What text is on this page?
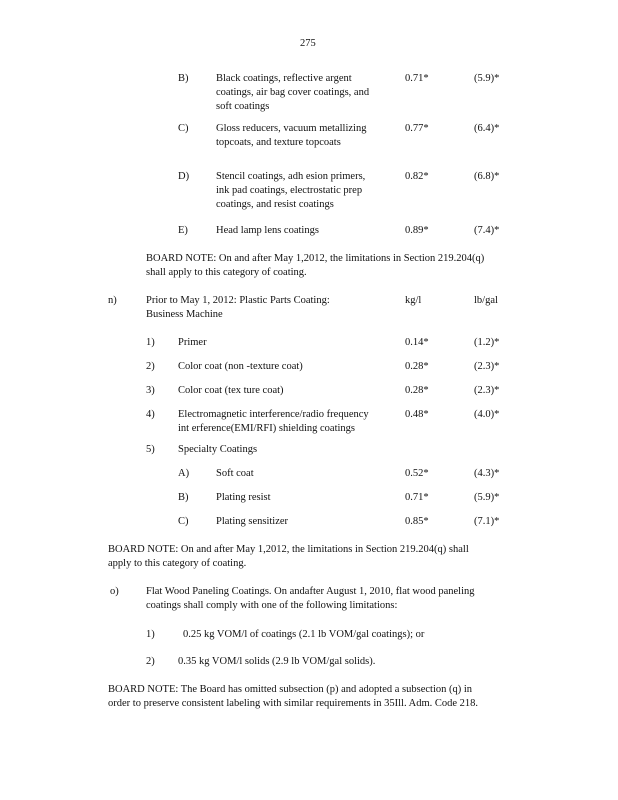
275
B)	Black coatings, reflective argent
coatings, air bag cover coatings, and
soft coatings
0.71*	(5.9)*
C)	Gloss reducers, vacuum metallizing
topcoats, and texture topcoats
0.77*	(6.4)*
D)	Stencil coatings, adh esion primers,
ink pad coatings, electrostatic prep
coatings, and resist coatings
0.82*	(6.8)*
E)	Head lamp lens coatings	0.89*	(7.4)*
BOARD NOTE: On and after May 1,2012, the limitations in Section 219.204(q)
shall apply to this category of coating.
n)	Prior to May 1, 2012: Plastic Parts Coating:
Business Machine
kg/l	lb/gal
1) Primer	0.14*	(1.2)*
2) Color coat (non -texture coat)	0.28*	(2.3)*
3) Color coat (tex ture coat)	0.28*	(2.3)*
4) Electromagnetic interference/radio frequency
int erference(EMI/RFI) shielding coatings
0.48*	(4.0)*
5) Specialty Coatings
A)	Soft coat	0.52*	(4.3)*
B)	Plating resist	0.71*	(5.9)*
C)	Plating sensitizer	0.85*	(7.1)*
BOARD NOTE: On and after May 1,2012, the limitations in Section 219.204(q) shall
apply to this category of coating.
o)	Flat Wood Paneling Coatings. On andafter August 1, 2010, flat wood paneling
coatings shall comply with one of the following limitations:
1)	0.25 kg VOM/l of coatings (2.1 lb VOM/gal coatings); or
2) 0.35 kg VOM/l solids (2.9 lb VOM/gal solids).
BOARD NOTE: The Board has omitted subsection (p) and adopted a subsection (q) in
order to preserve consistent labeling with similar requirements in 35Ill. Adm. Code 218.
